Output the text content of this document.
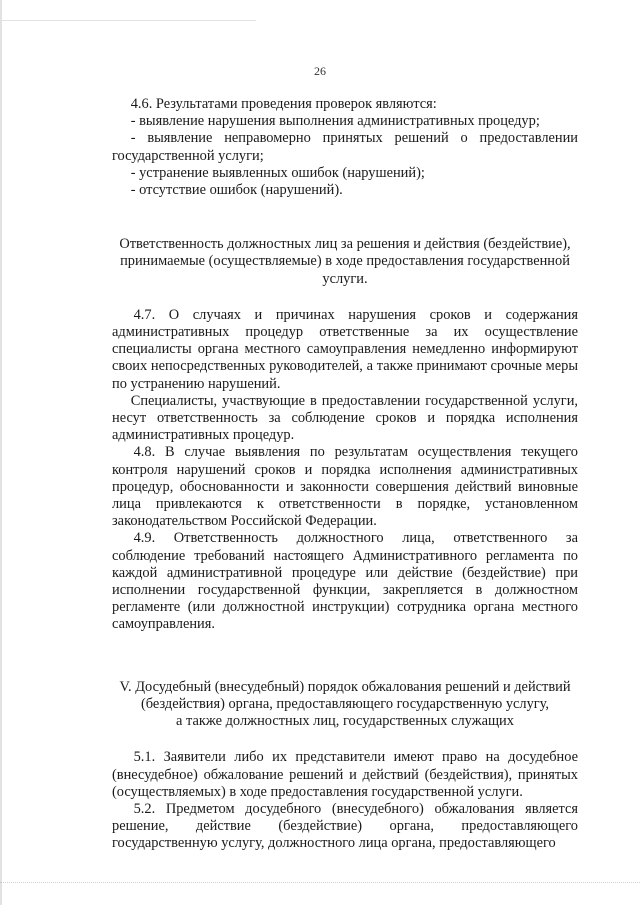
26

4.6. Результатами проведения проверок являются:

- выявление нарушения выполнения административных процедур;

- выявление неправомерно принятых решений о предоставлении государственной услуги;

- устранение выявленных ошибок (нарушений);

- отсутствие ошибок (нарушений).

Ответственность должностных лиц за решения и действия (бездействие), принимаемые (осуществляемые) в ходе предоставления государственной услуги.

4.7. О случаях и причинах нарушения сроков и содержания административных процедур ответственные за их осуществление специалисты органа местного самоуправления немедленно информируют своих непосредственных руководителей, а также принимают срочные меры по устранению нарушений.

Специалисты, участвующие в предоставлении государственной услуги, несут ответственность за соблюдение сроков и порядка исполнения административных процедур.

4.8. В случае выявления по результатам осуществления текущего контроля нарушений сроков и порядка исполнения административных процедур, обоснованности и законности совершения действий виновные лица привлекаются к ответственности в порядке, установленном законодательством Российской Федерации.

4.9. Ответственность должностного лица, ответственного за соблюдение требований настоящего Административного регламента по каждой административной процедуре или действие (бездействие) при исполнении государственной функции, закрепляется в должностном регламенте (или должностной инструкции) сотрудника органа местного самоуправления.

V. Досудебный (внесудебный) порядок обжалования решений и действий

(бездействия) органа, предоставляющего государственную услугу,

а также должностных лиц, государственных служащих

5.1. Заявители либо их представители имеют право на досудебное (внесудебное) обжалование решений и действий (бездействия), принятых (осуществляемых) в ходе предоставления государственной услуги.

5.2. Предметом досудебного (внесудебного) обжалования является решение, действие (бездействие) органа, предоставляющего государственную услугу, должностного лица органа, предоставляющего
